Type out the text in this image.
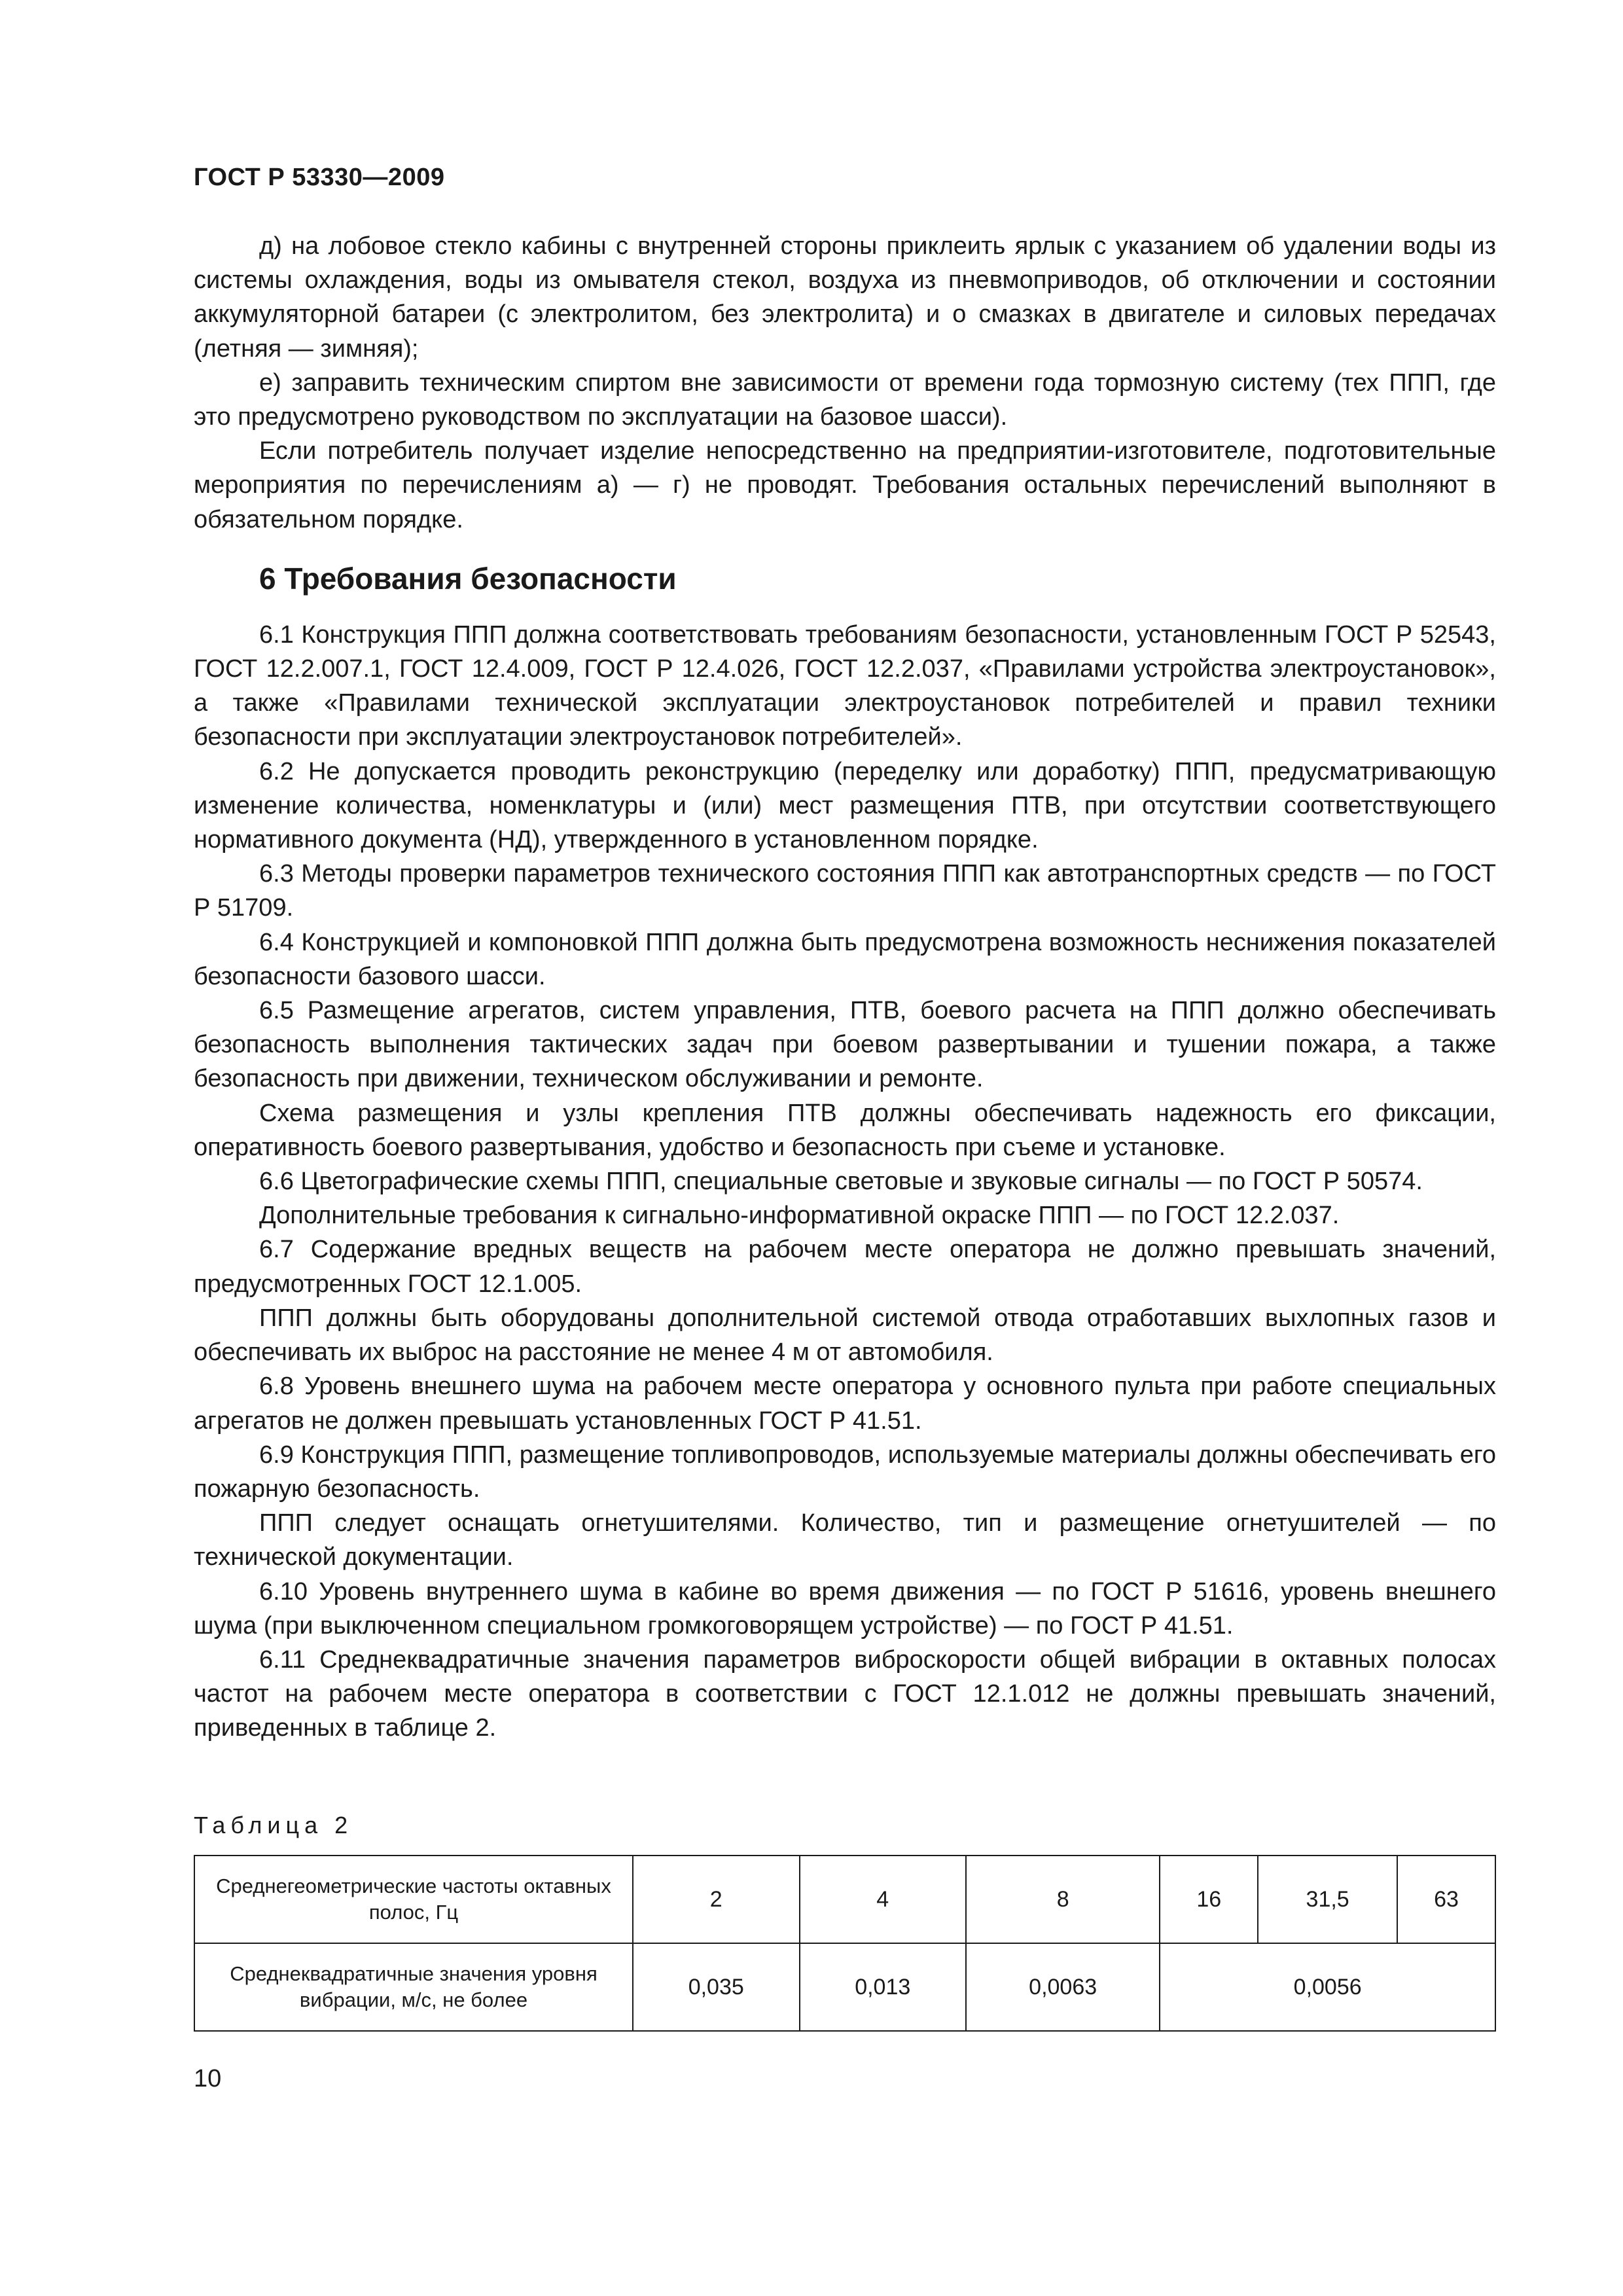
ГОСТ Р 53330—2009

д) на лобовое стекло кабины с внутренней стороны приклеить ярлык с указанием об удалении воды из системы охлаждения, воды из омывателя стекол, воздуха из пневмоприводов, об отключении и состоянии аккумуляторной батареи (с электролитом, без электролита) и о смазках в двигателе и силовых передачах (летняя — зимняя);

е) заправить техническим спиртом вне зависимости от времени года тормозную систему (тех ППП, где это предусмотрено руководством по эксплуатации на базовое шасси).

Если потребитель получает изделие непосредственно на предприятии-изготовителе, подготовительные мероприятия по перечислениям а) — г) не проводят. Требования остальных перечислений выполняют в обязательном порядке.

6 Требования безопасности

6.1 Конструкция ППП должна соответствовать требованиям безопасности, установленным ГОСТ Р 52543, ГОСТ 12.2.007.1, ГОСТ 12.4.009, ГОСТ Р 12.4.026, ГОСТ 12.2.037, «Правилами устройства электроустановок», а также «Правилами технической эксплуатации электроустановок потребителей и правил техники безопасности при эксплуатации электроустановок потребителей».

6.2 Не допускается проводить реконструкцию (переделку или доработку) ППП, предусматривающую изменение количества, номенклатуры и (или) мест размещения ПТВ, при отсутствии соответствующего нормативного документа (НД), утвержденного в установленном порядке.

6.3 Методы проверки параметров технического состояния ППП как автотранспортных средств — по ГОСТ Р 51709.

6.4 Конструкцией и компоновкой ППП должна быть предусмотрена возможность неснижения показателей безопасности базового шасси.

6.5 Размещение агрегатов, систем управления, ПТВ, боевого расчета на ППП должно обеспечивать безопасность выполнения тактических задач при боевом развертывании и тушении пожара, а также безопасность при движении, техническом обслуживании и ремонте.

Схема размещения и узлы крепления ПТВ должны обеспечивать надежность его фиксации, оперативность боевого развертывания, удобство и безопасность при съеме и установке.

6.6 Цветографические схемы ППП, специальные световые и звуковые сигналы — по ГОСТ Р 50574.

Дополнительные требования к сигнально-информативной окраске ППП — по ГОСТ 12.2.037.

6.7 Содержание вредных веществ на рабочем месте оператора не должно превышать значений, предусмотренных ГОСТ 12.1.005.

ППП должны быть оборудованы дополнительной системой отвода отработавших выхлопных газов и обеспечивать их выброс на расстояние не менее 4 м от автомобиля.

6.8 Уровень внешнего шума на рабочем месте оператора у основного пульта при работе специальных агрегатов не должен превышать установленных ГОСТ Р 41.51.

6.9 Конструкция ППП, размещение топливопроводов, используемые материалы должны обеспечивать его пожарную безопасность.

ППП следует оснащать огнетушителями. Количество, тип и размещение огнетушителей — по технической документации.

6.10 Уровень внутреннего шума в кабине во время движения — по ГОСТ Р 51616, уровень внешнего шума (при выключенном специальном громкоговорящем устройстве) — по ГОСТ Р 41.51.

6.11 Среднеквадратичные значения параметров виброскорости общей вибрации в октавных полосах частот на рабочем месте оператора в соответствии с ГОСТ 12.1.012 не должны превышать значений, приведенных в таблице 2.

Таблица 2
Среднегеометрические частоты октавных полос, Гц	2	4	8	16	31,5	63
Среднеквадратичные значения уровня вибрации, м/с, не более	0,035	0,013	0,0063	0,0056		
10
